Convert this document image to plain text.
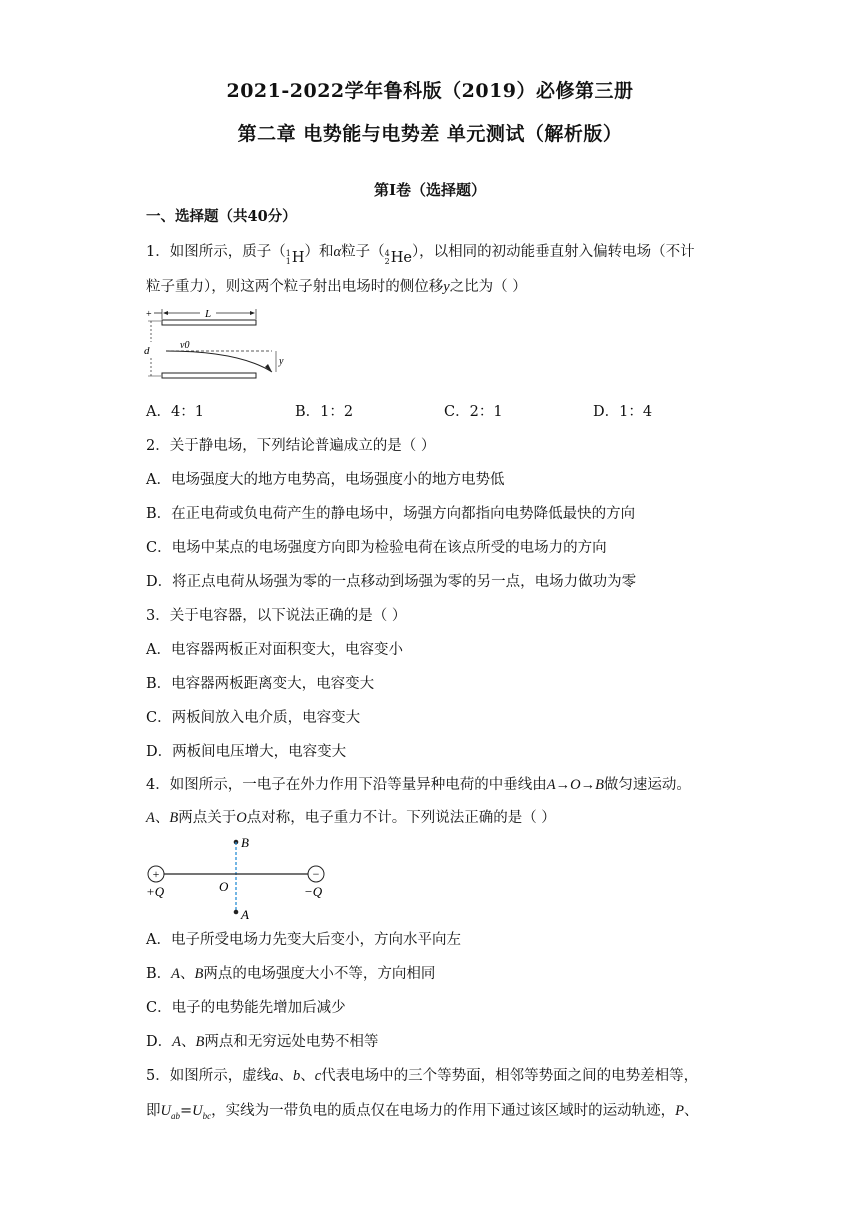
2021-2022学年鲁科版（2019）必修第三册
第二章 电势能与电势差 单元测试（解析版）
第Ⅰ卷（选择题）
一、选择题（共40分）
1．如图所示，质子（ 1
1 H ）和α粒子（ 4
2 He ），以相同的初动能垂直射入偏转电场（不计
粒子重力），则这两个粒子射出电场时的侧位移y之比为（ ）
+	L
d	v0
y
A．4：1	B．1：2	C．2：1	D．1：4
2．关于静电场，下列结论普遍成立的是（ ）
A．电场强度大的地方电势高，电场强度小的地方电势低
B．在正电荷或负电荷产生的静电场中，场强方向都指向电势降低最快的方向
C．电场中某点的电场强度方向即为检验电荷在该点所受的电场力的方向
D．将正点电荷从场强为零的一点移动到场强为零的另一点，电场力做功为零
3．关于电容器，以下说法正确的是（ ）
A．电容器两板正对面积变大，电容变小
B．电容器两板距离变大，电容变大
C．两板间放入电介质，电容变大
D．两板间电压增大，电容变大
4．如图所示，一电子在外力作用下沿等量异种电荷的中垂线由A→O→B做匀速运动。
A、B两点关于O点对称，电子重力不计。下列说法正确的是（ ）
B
+	−
+Q	O	−Q
A
A．电子所受电场力先变大后变小，方向水平向左
B．A、B两点的电场强度大小不等，方向相同
C．电子的电势能先增加后减少
D．A、B两点和无穷远处电势不相等
5．如图所示，虚线a、b、c代表电场中的三个等势面，相邻等势面之间的电势差相等，
即$U_{ab}=U_{bc}$，实线为一带负电的质点仅在电场力的作用下通过该区域时的运动轨迹，P、
